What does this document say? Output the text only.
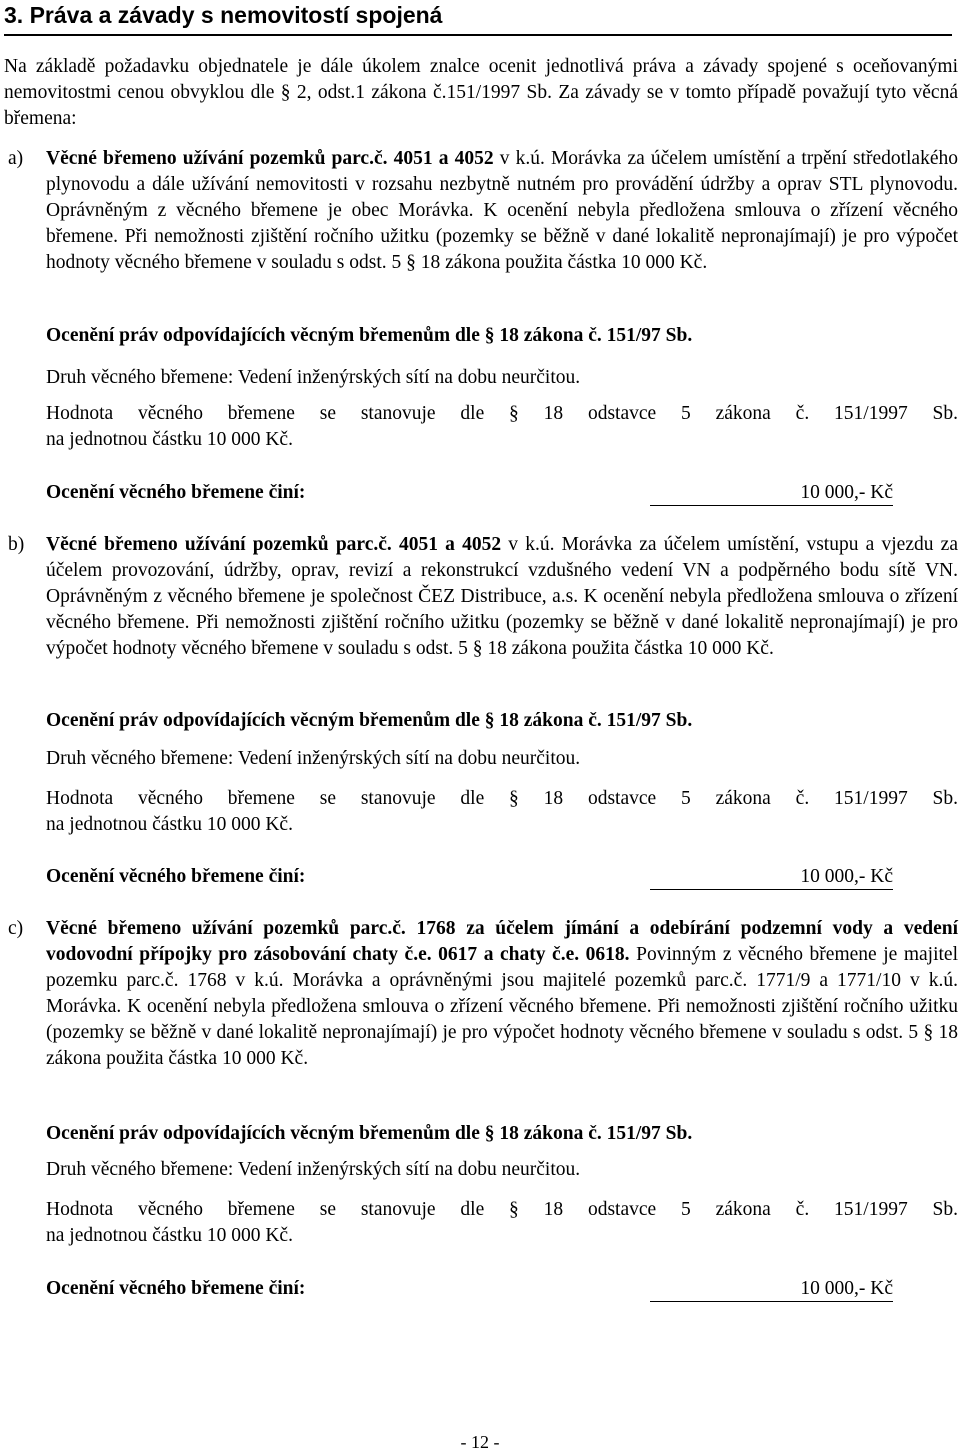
3. Práva a závady s nemovitostí spojená
Na základě požadavku objednatele je dále úkolem znalce ocenit jednotlivá práva a závady spojené s oceňovanými nemovitostmi cenou obvyklou dle § 2, odst.1 zákona č.151/1997 Sb. Za závady se v tomto případě považují tyto věcná břemena:
a) Věcné břemeno užívání pozemků parc.č. 4051 a 4052 v k.ú. Morávka za účelem umístění a trpění středotlakého plynovodu a dále užívání nemovitosti v rozsahu nezbytně nutném pro provádění údržby a oprav STL plynovodu. Oprávněným z věcného břemene je obec Morávka. K ocenění nebyla předložena smlouva o zřízení věcného břemene. Při nemožnosti zjištění ročního užitku (pozemky se běžně v dané lokalitě nepronajímají) je pro výpočet hodnoty věcného břemene v souladu s odst. 5 § 18 zákona použita částka 10 000 Kč.

Ocenění práv odpovídajících věcným břemenům dle § 18 zákona č. 151/97 Sb.
Druh věcného břemene: Vedení inženýrských sítí na dobu neurčitou.
Hodnota věcného břemene se stanovuje dle § 18 odstavce 5 zákona č. 151/1997 Sb.
na jednotnou částku 10 000 Kč.
Ocenění věcného břemene činí:	10 000,- Kč
b) Věcné břemeno užívání pozemků parc.č. 4051 a 4052 v k.ú. Morávka za účelem umístění, vstupu a vjezdu za účelem provozování, údržby, oprav, revizí a rekonstrukcí vzdušného vedení VN a podpěrného bodu sítě VN. Oprávněným z věcného břemene je společnost ČEZ Distribuce, a.s. K ocenění nebyla předložena smlouva o zřízení věcného břemene. Při nemožnosti zjištění ročního užitku (pozemky se běžně v dané lokalitě nepronajímají) je pro výpočet hodnoty věcného břemene v souladu s odst. 5 § 18 zákona použita částka 10 000 Kč.

Ocenění práv odpovídajících věcným břemenům dle § 18 zákona č. 151/97 Sb.
Druh věcného břemene: Vedení inženýrských sítí na dobu neurčitou.
Hodnota věcného břemene se stanovuje dle § 18 odstavce 5 zákona č. 151/1997 Sb.
na jednotnou částku 10 000 Kč.
Ocenění věcného břemene činí:	10 000,- Kč
c) Věcné břemeno užívání pozemků parc.č. 1768 za účelem jímání a odebírání podzemní vody a vedení vodovodní přípojky pro zásobování chaty č.e. 0617 a chaty č.e. 0618. Povinným z věcného břemene je majitel pozemku parc.č. 1768 v k.ú. Morávka a oprávněnými jsou majitelé pozemků parc.č. 1771/9 a 1771/10 v k.ú. Morávka. K ocenění nebyla předložena smlouva o zřízení věcného břemene. Při nemožnosti zjištění ročního užitku (pozemky se běžně v dané lokalitě nepronajímají) je pro výpočet hodnoty věcného břemene v souladu s odst. 5 § 18 zákona použita částka 10 000 Kč.

Ocenění práv odpovídajících věcným břemenům dle § 18 zákona č. 151/97 Sb.
Druh věcného břemene: Vedení inženýrských sítí na dobu neurčitou.
Hodnota věcného břemene se stanovuje dle § 18 odstavce 5 zákona č. 151/1997 Sb.
na jednotnou částku 10 000 Kč.
Ocenění věcného břemene činí:	10 000,- Kč
- 12 -
